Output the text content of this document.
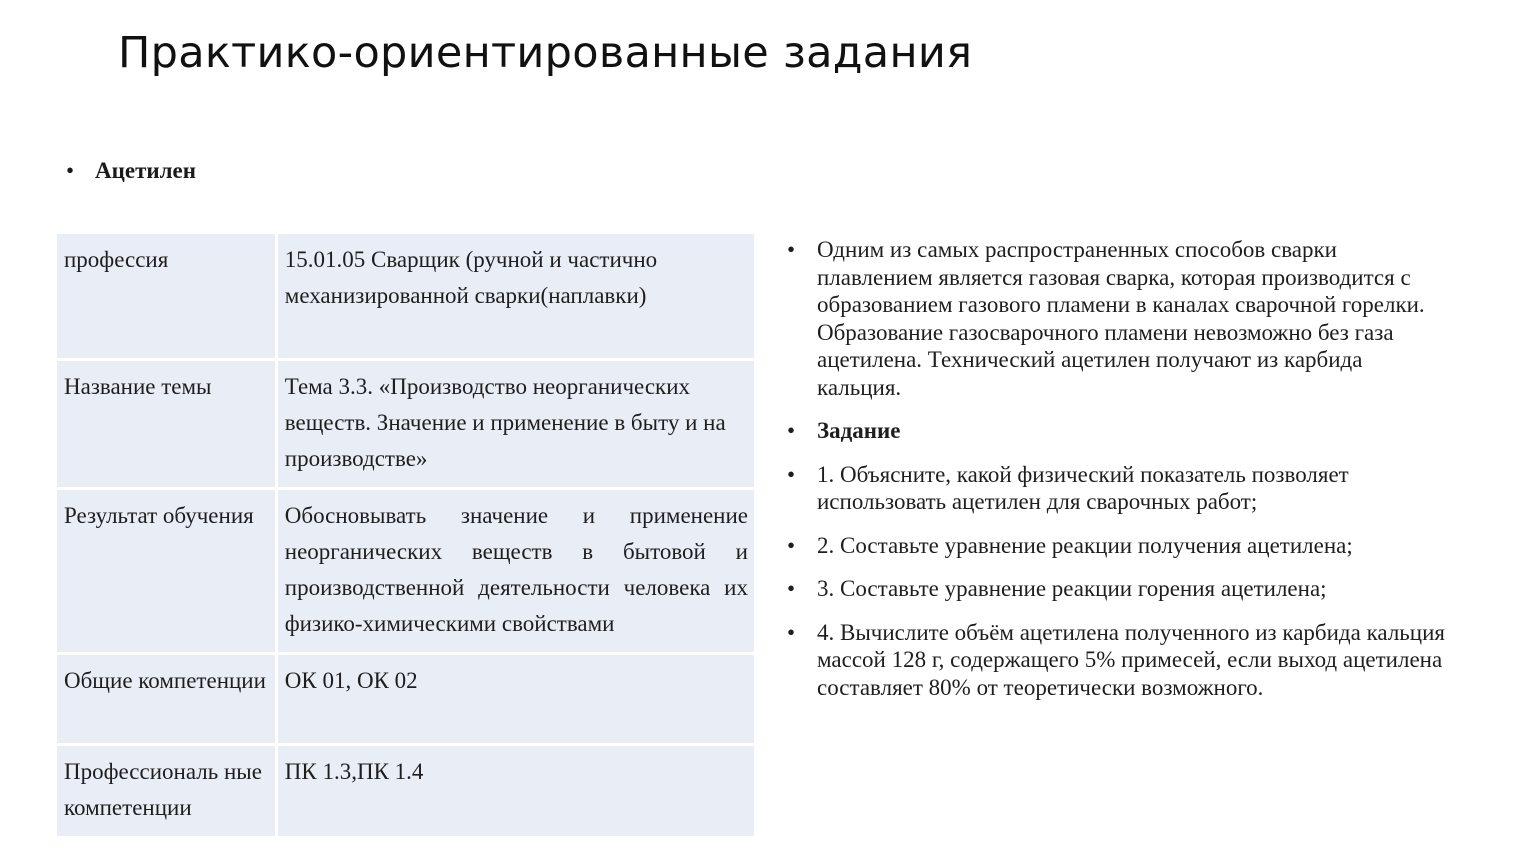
Практико-ориентированные задания
• Ацетилен
профессия	15.01.05 Сварщик (ручной и частично механизированной сварки(наплавки)
Название темы	Тема 3.3. «Производство неорганических веществ. Значение и применение в быту и на производстве»
Результат обучения	Обосновывать значение и применение неорганических веществ в бытовой и производственной деятельности человека их физико-химическими свойствами
Общие компетенции	ОК 01, ОК 02
Профессиональ ные компетенции	ПК 1.3,ПК 1.4
• Одним из самых распространенных способов сварки плавлением является газовая сварка, которая производится с образованием газового пламени в каналах сварочной горелки. Образование газосварочного пламени невозможно без газа ацетилена. Технический ацетилен получают из карбида кальция.
• Задание
• 1. Объясните, какой физический показатель позволяет использовать ацетилен для сварочных работ;
• 2. Составьте уравнение реакции получения ацетилена;
• 3. Составьте уравнение реакции горения ацетилена;
• 4. Вычислите объём ацетилена полученного из карбида кальция массой 128 г, содержащего 5% примесей, если выход ацетилена составляет 80% от теоретически возможного.
